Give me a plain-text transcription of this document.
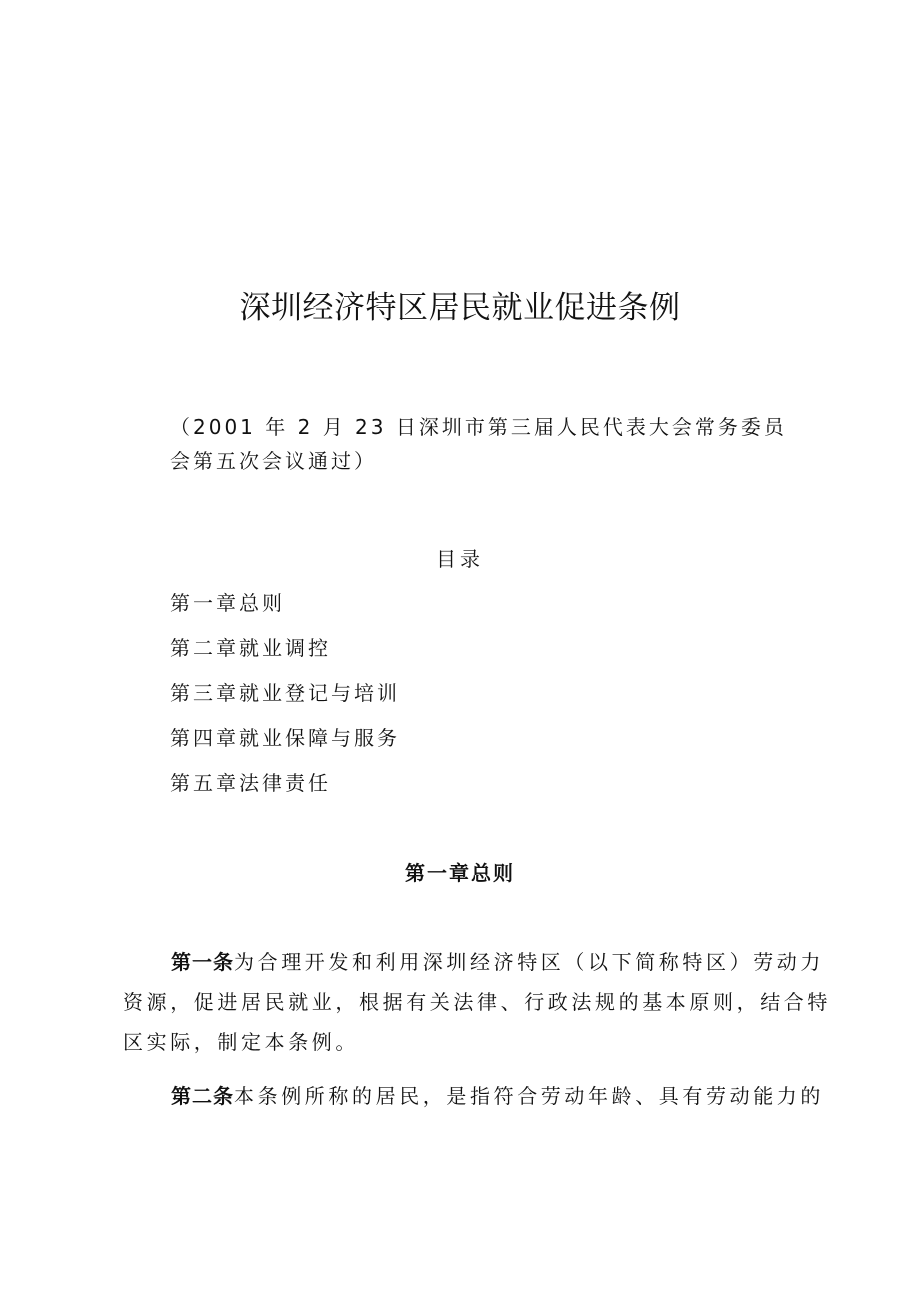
深圳经济特区居民就业促进条例
（2001 年 2 月 23 日深圳市第三届人民代表大会常务委员
会第五次会议通过）
目录
第一章总则
第二章就业调控
第三章就业登记与培训
第四章就业保障与服务
第五章法律责任
第一章总则
第一条为合理开发和利用深圳经济特区（以下简称特区）劳动力
资源，促进居民就业，根据有关法律、行政法规的基本原则，结合特
区实际，制定本条例。
第二条本条例所称的居民，是指符合劳动年龄、具有劳动能力的
